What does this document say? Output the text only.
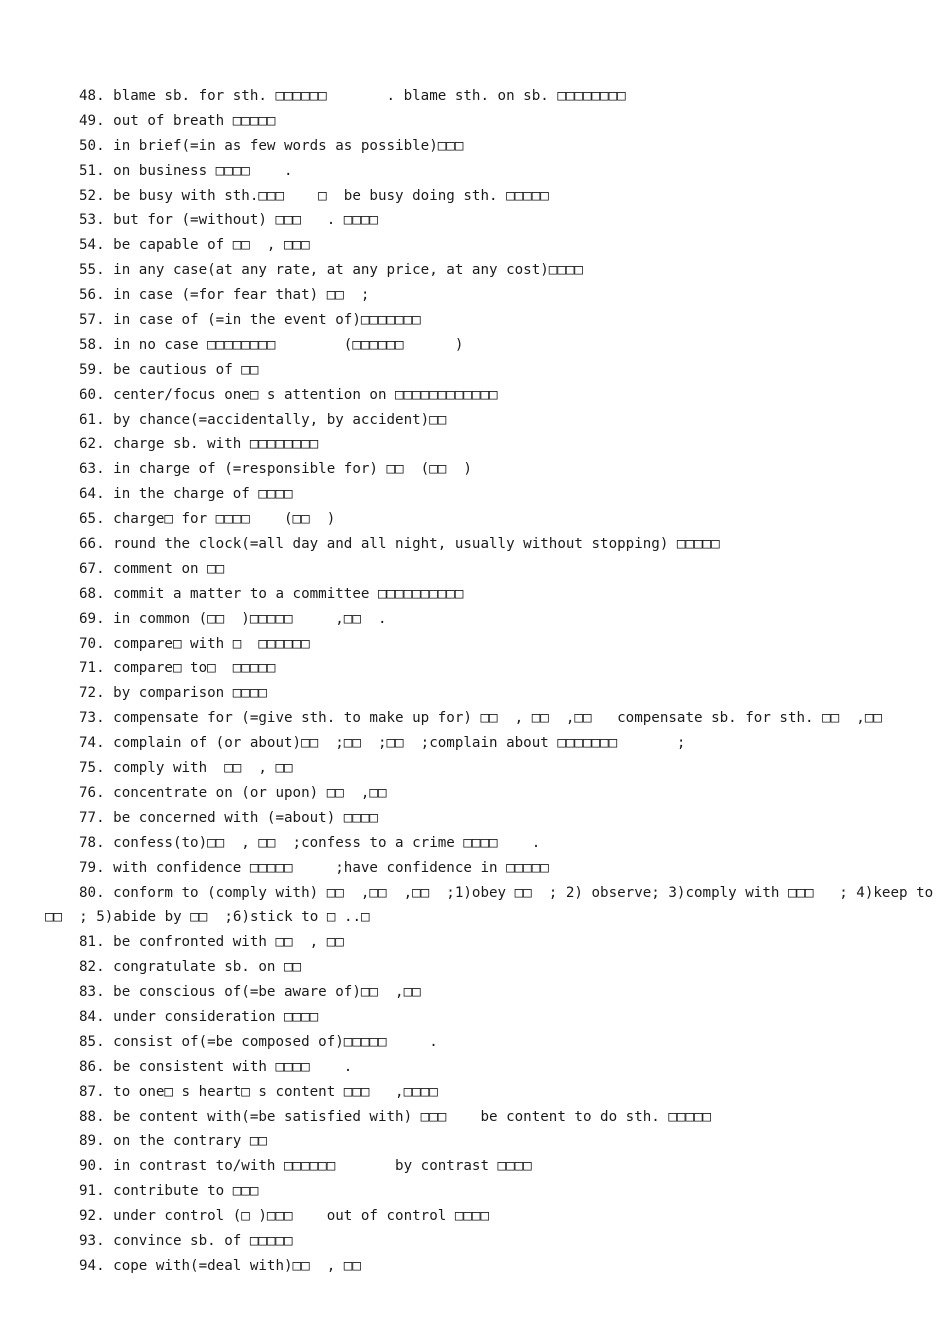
48. blame sb. for sth. □□□□□□       . blame sth. on sb. □□□□□□□□
49. out of breath □□□□□
50. in brief(=in as few words as possible)□□□
51. on business □□□□    .
52. be busy with sth.□□□    □  be busy doing sth. □□□□□
53. but for (=without) □□□   . □□□□
54. be capable of □□  , □□□
55. in any case(at any rate, at any price, at any cost)□□□□
56. in case (=for fear that) □□  ;
57. in case of (=in the event of)□□□□□□□
58. in no case □□□□□□□□        (□□□□□□      )
59. be cautious of □□
60. center/focus one□ s attention on □□□□□□□□□□□□
61. by chance(=accidentally, by accident)□□
62. charge sb. with □□□□□□□□
63. in charge of (=responsible for) □□  (□□  )
64. in the charge of □□□□
65. charge□ for □□□□    (□□  )
66. round the clock(=all day and all night, usually without stopping) □□□□□
67. comment on □□
68. commit a matter to a committee □□□□□□□□□□
69. in common (□□  )□□□□□     ,□□  .
70. compare□ with □  □□□□□□
71. compare□ to□  □□□□□
72. by comparison □□□□
73. compensate for (=give sth. to make up for) □□  , □□  ,□□   compensate sb. for sth. □□  ,□□
74. complain of (or about)□□  ;□□  ;□□  ;complain about □□□□□□□       ;
75. comply with  □□  , □□
76. concentrate on (or upon) □□  ,□□
77. be concerned with (=about) □□□□
78. confess(to)□□  , □□  ;confess to a crime □□□□    .
79. with confidence □□□□□     ;have confidence in □□□□□
80. conform to (comply with) □□  ,□□  ,□□  ;1)obey □□  ; 2) observe; 3)comply with □□□   ; 4)keep to
□□  ; 5)abide by □□  ;6)stick to □ ..□
81. be confronted with □□  , □□
82. congratulate sb. on □□
83. be conscious of(=be aware of)□□  ,□□
84. under consideration □□□□
85. consist of(=be composed of)□□□□□     .
86. be consistent with □□□□    .
87. to one□ s heart□ s content □□□   ,□□□□
88. be content with(=be satisfied with) □□□    be content to do sth. □□□□□
89. on the contrary □□
90. in contrast to/with □□□□□□       by contrast □□□□
91. contribute to □□□
92. under control (□ )□□□    out of control □□□□
93. convince sb. of □□□□□
94. cope with(=deal with)□□  , □□
